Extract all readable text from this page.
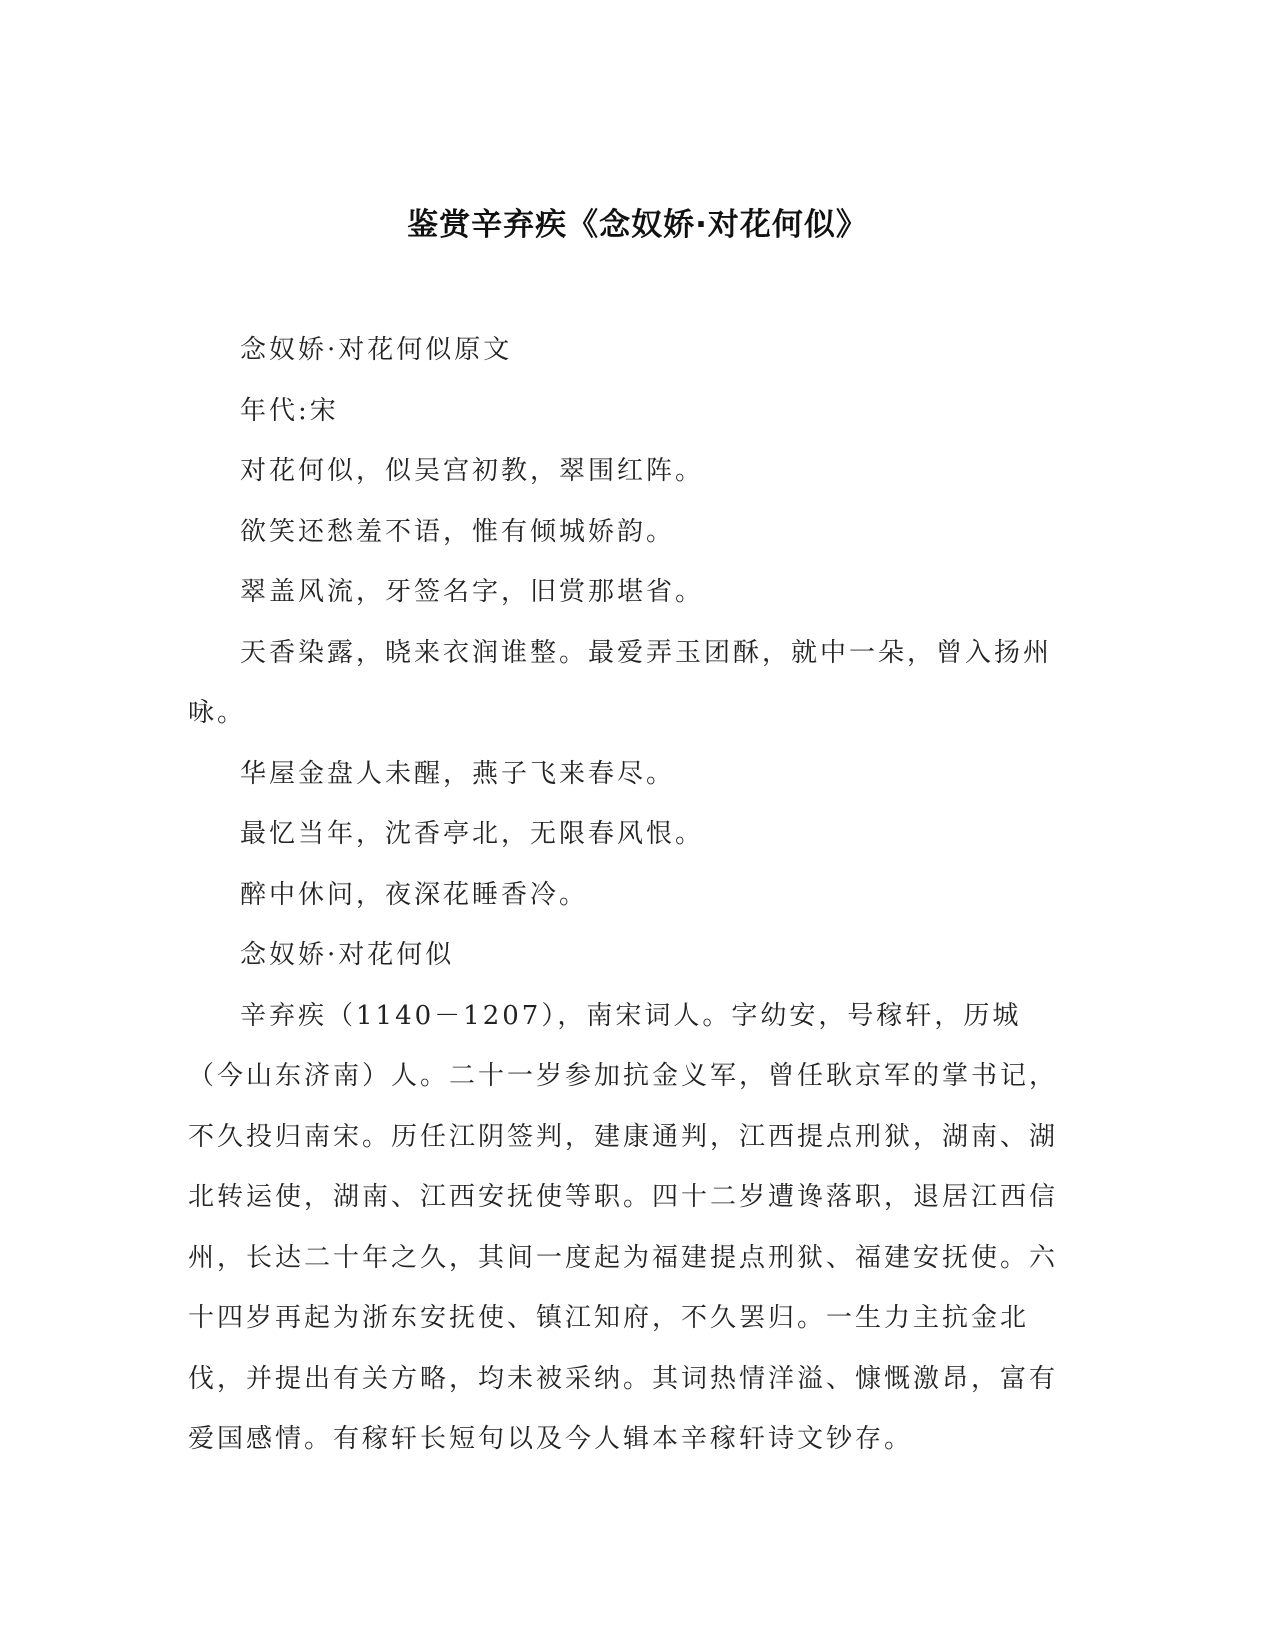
鉴赏辛弃疾《念奴娇·对花何似》

念奴娇·对花何似原文

年代:宋

对花何似，似吴宫初教，翠围红阵。

欲笑还愁羞不语，惟有倾城娇韵。

翠盖风流，牙签名字，旧赏那堪省。

天香染露，晓来衣润谁整。最爱弄玉团酥，就中一朵，曾入扬州咏。

华屋金盘人未醒，燕子飞来春尽。

最忆当年，沈香亭北，无限春风恨。

醉中休问，夜深花睡香冷。

念奴娇·对花何似

辛弃疾（1140－1207），南宋词人。字幼安，号稼轩，历城（今山东济南）人。二十一岁参加抗金义军，曾任耿京军的掌书记，不久投归南宋。历任江阴签判，建康通判，江西提点刑狱，湖南、湖北转运使，湖南、江西安抚使等职。四十二岁遭谗落职，退居江西信州，长达二十年之久，其间一度起为福建提点刑狱、福建安抚使。六十四岁再起为浙东安抚使、镇江知府，不久罢归。一生力主抗金北伐，并提出有关方略，均未被采纳。其词热情洋溢、慷慨激昂，富有爱国感情。有稼轩长短句以及今人辑本辛稼轩诗文钞存。
